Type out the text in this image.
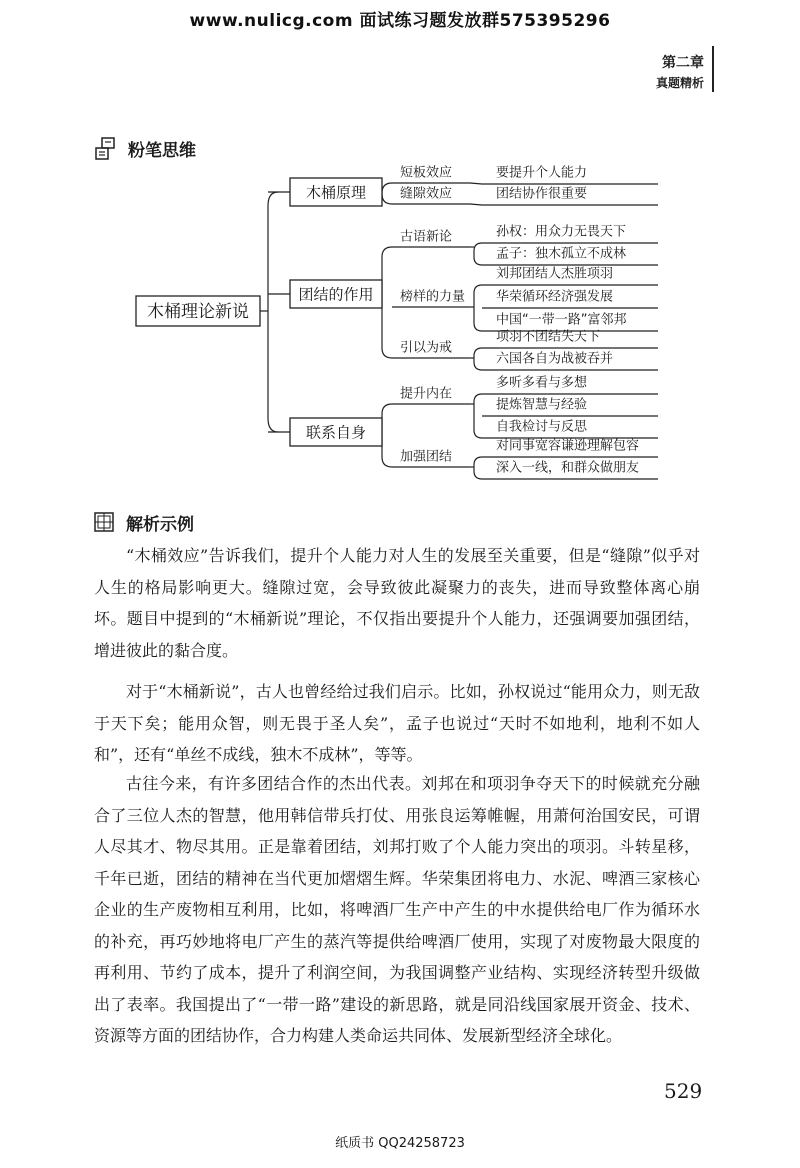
www.nulicg.com 面试练习题发放群575395296
第二章
真题精析
粉笔思维
木桶理论新说
木桶原理
短板效应	要提升个人能力
缝隙效应	团结协作很重要
团结的作用
古语新论	孙权：用众力无畏天下
孟子：独木孤立不成林
榜样的力量
刘邦团结人杰胜项羽
华荣循环经济强发展
中国“一带一路”富邻邦
引以为戒
项羽不团结失天下
六国各自为战被吞并
联系自身
提升内在
多听多看与多想
提炼智慧与经验
自我检讨与反思
加强团结
对同事宽容谦逊理解包容
深入一线，和群众做朋友
解析示例

“木桶效应”告诉我们，提升个人能力对人生的发展至关重要，但是“缝隙”似乎对人生的格局影响更大。缝隙过宽，会导致彼此凝聚力的丧失，进而导致整体离心崩坏。题目中提到的“木桶新说”理论，不仅指出要提升个人能力，还强调要加强团结，增进彼此的黏合度。

对于“木桶新说”，古人也曾经给过我们启示。比如，孙权说过“能用众力，则无敌于天下矣；能用众智，则无畏于圣人矣”，孟子也说过“天时不如地利，地利不如人和”，还有“单丝不成线，独木不成林”，等等。

古往今来，有许多团结合作的杰出代表。刘邦在和项羽争夺天下的时候就充分融合了三位人杰的智慧，他用韩信带兵打仗、用张良运筹帷幄，用萧何治国安民，可谓人尽其才、物尽其用。正是靠着团结，刘邦打败了个人能力突出的项羽。斗转星移，千年已逝，团结的精神在当代更加熠熠生辉。华荣集团将电力、水泥、啤酒三家核心企业的生产废物相互利用，比如，将啤酒厂生产中产生的中水提供给电厂作为循环水的补充，再巧妙地将电厂产生的蒸汽等提供给啤酒厂使用，实现了对废物最大限度的再利用、节约了成本，提升了利润空间，为我国调整产业结构、实现经济转型升级做出了表率。我国提出了“一带一路”建设的新思路，就是同沿线国家展开资金、技术、资源等方面的团结协作，合力构建人类命运共同体、发展新型经济全球化。

529
纸质书 QQ24258723
